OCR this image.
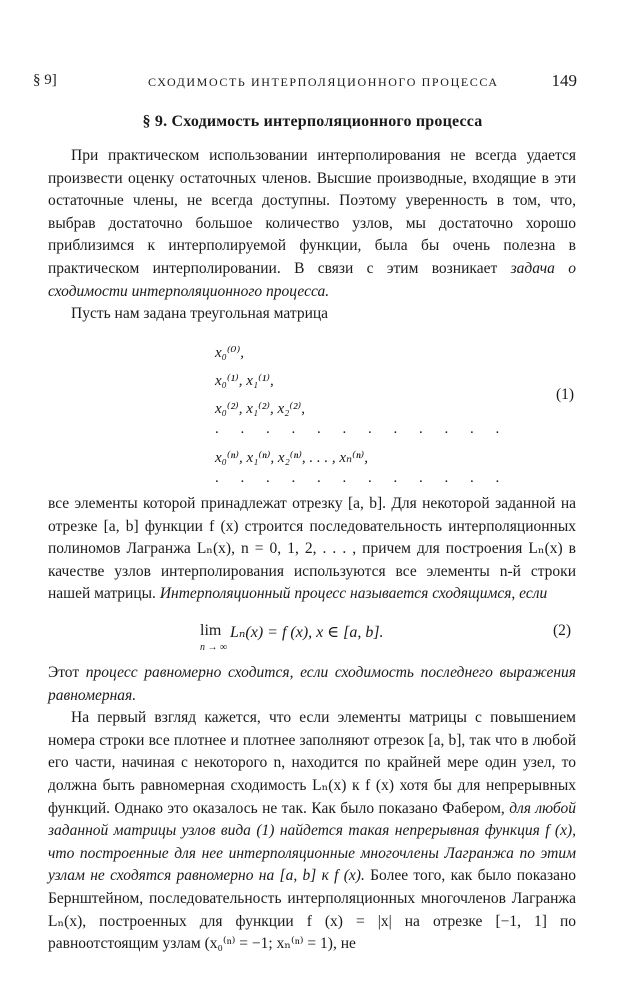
§ 9]	СХОДИМОСТЬ ИНТЕРПОЛЯЦИОННОГО ПРОЦЕССА	149
§ 9. Сходимость интерполяционного процесса

При практическом использовании интерполирования не всегда удается произвести оценку остаточных членов. Высшие производные, входящие в эти остаточные члены, не всегда доступны. Поэтому уверенность в том, что, выбрав достаточно большое количество узлов, мы достаточно хорошо приблизимся к интерполируемой функции, была бы очень полезна в практическом интерполировании. В связи с этим возникает задача о сходимости интерполяционного процесса.

Пусть нам задана треугольная матрица

x₀⁽⁰⁾,
x₀⁽¹⁾, x₁⁽¹⁾,
x₀⁽²⁾, x₁⁽²⁾, x₂⁽²⁾,
. . . . . . . . . . . .
x₀⁽ⁿ⁾, x₁⁽ⁿ⁾, x₂⁽ⁿ⁾, . . . , xₙ⁽ⁿ⁾,
. . . . . . . . . . . .
(1)

все элементы которой принадлежат отрезку [a, b]. Для некоторой заданной на отрезке [a, b] функции f (x) строится последовательность интерполяционных полиномов Лагранжа Lₙ(x), n = 0, 1, 2, . . . , причем для построения Lₙ(x) в качестве узлов интерполирования используются все элементы n-й строки нашей матрицы. Интерполяционный процесс называется сходящимся, если

lim
n → ∞
Lₙ(x) = f (x), x ∈ [a, b].	(2)

Этот процесс равномерно сходится, если сходимость последнего выражения равномерная.

На первый взгляд кажется, что если элементы матрицы с повышением номера строки все плотнее и плотнее заполняют отрезок [a, b], так что в любой его части, начиная с некоторого n, находится по крайней мере один узел, то должна быть равномерная сходимость Lₙ(x) к f (x) хотя бы для непрерывных функций. Однако это оказалось не так. Как было показано Фабером, для любой заданной матрицы узлов вида (1) найдется такая непрерывная функция f (x), что построенные для нее интерполяционные многочлены Лагранжа по этим узлам не сходятся равномерно на [a, b] к f (x). Более того, как было показано Бернштейном, последовательность интерполяционных многочленов Лагранжа Lₙ(x), построенных для функции f (x) = |x| на отрезке [−1, 1] по равноотстоящим узлам (x₀⁽ⁿ⁾ = −1; xₙ⁽ⁿ⁾ = 1), не
